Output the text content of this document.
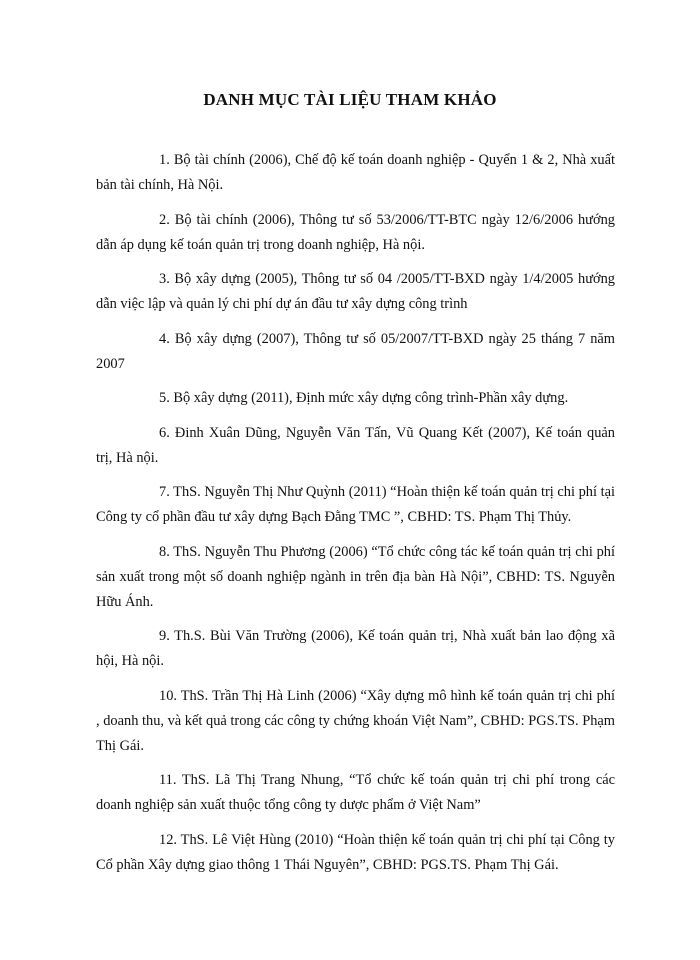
DANH MỤC TÀI LIỆU THAM KHẢO
1. Bộ tài chính (2006), Chế độ kế toán doanh nghiệp - Quyển 1 & 2, Nhà xuất bản tài chính, Hà Nội.
2. Bộ tài chính (2006), Thông tư số 53/2006/TT-BTC ngày 12/6/2006 hướng dẫn áp dụng kế toán quản trị trong doanh nghiệp, Hà nội.
3. Bộ xây dựng (2005), Thông tư số 04 /2005/TT-BXD ngày 1/4/2005 hướng dẫn việc lập và quản lý chi phí dự án đầu tư xây dựng công trình
4. Bộ xây dựng (2007), Thông tư số 05/2007/TT-BXD ngày 25 tháng 7 năm 2007
5. Bộ xây dựng (2011), Định mức xây dựng công trình-Phần xây dựng.
6. Đinh Xuân Dũng, Nguyễn Văn Tấn, Vũ Quang Kết (2007), Kế toán quản trị, Hà nội.
7. ThS. Nguyễn Thị Như Quỳnh (2011) “Hoàn thiện kế toán quản trị chi phí tại Công ty cổ phần đầu tư xây dựng Bạch Đằng TMC ”, CBHD: TS. Phạm Thị Thủy.
8. ThS. Nguyễn Thu Phương (2006) “Tổ chức công tác kế toán quản trị chi phí sản xuất trong một số doanh nghiệp ngành in trên địa bàn Hà Nội”, CBHD: TS. Nguyễn Hữu Ánh.
9. Th.S. Bùi Văn Trường (2006), Kế toán quản trị, Nhà xuất bản lao động xã hội, Hà nội.
10. ThS. Trần Thị Hà Linh (2006) “Xây dựng mô hình kế toán quản trị chi phí , doanh thu, và kết quả trong các công ty chứng khoán Việt Nam”, CBHD: PGS.TS. Phạm Thị Gái.
11. ThS. Lã Thị Trang Nhung, “Tổ chức kế toán quản trị chi phí trong các doanh nghiệp sản xuất thuộc tổng công ty dược phẩm ở Việt Nam”
12. ThS. Lê Việt Hùng (2010) “Hoàn thiện kế toán quản trị chi phí tại Công ty Cổ phần Xây dựng giao thông 1 Thái Nguyên”, CBHD: PGS.TS. Phạm Thị Gái.
